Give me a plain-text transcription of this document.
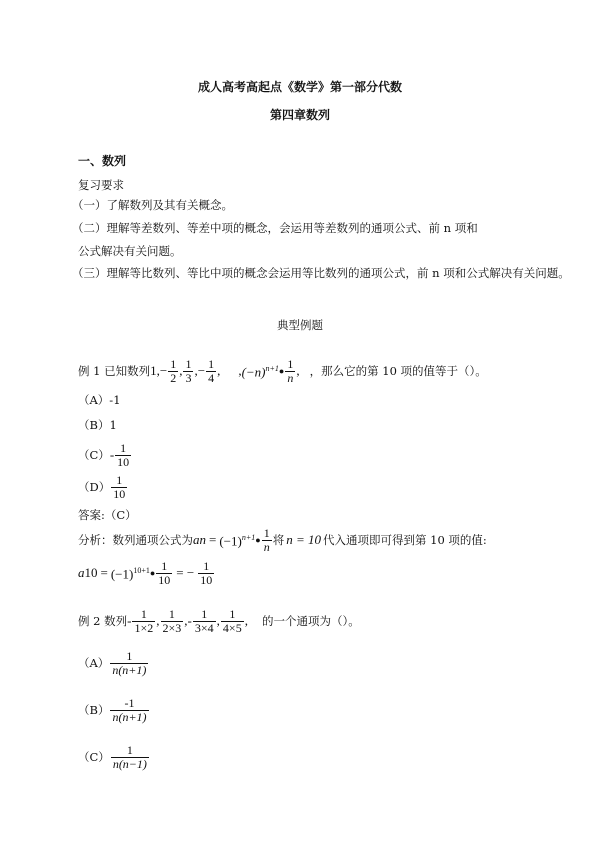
成人高考高起点《数学》第一部分代数
第四章数列
一、数列
复习要求
（一）了解数列及其有关概念。
（二）理解等差数列、等差中项的概念，会运用等差数列的通项公式、前 n 项和
公式解决有关问题。
（三）理解等比数列、等比中项的概念会运用等比数列的通项公式，前 n 项和公式解决有关问题。
典型例题
例 1 已知数列 1, − $\frac{1}{2}$ , $\frac{1}{3}$ , − $\frac{1}{4}$ , , $(-n)^{n+1}$ ● $\frac{1}{n}$ , ，那么它的第 10 项的值等于（）。
（A）-1
（B）1
$(C) - \frac{1}{10}$
$(D) \frac{1}{10}$
答案:（C）
分析：数列通项公式为 a $n = (-1)^{n+1}$ ● $\frac{1}{n}$ 将 n = 10 代入通项即可得到第 10 项的值:
a $10 = (-1)^{10+1}$ ● $\frac{1}{10}$ = − $\frac{1}{10}$
例 2 数列 - $\frac{1}{1\times 2}$ , $\frac{1}{2\times 3}$ , - $\frac{1}{3\times 4}$ , $\frac{1}{4\times 5}$ , 的一个通项为（）。
$(A) \frac{1}{n(n+1)}$
$(B) \frac{-1}{n(n+1)}$
$(C) \frac{1}{n(n-1)}$
